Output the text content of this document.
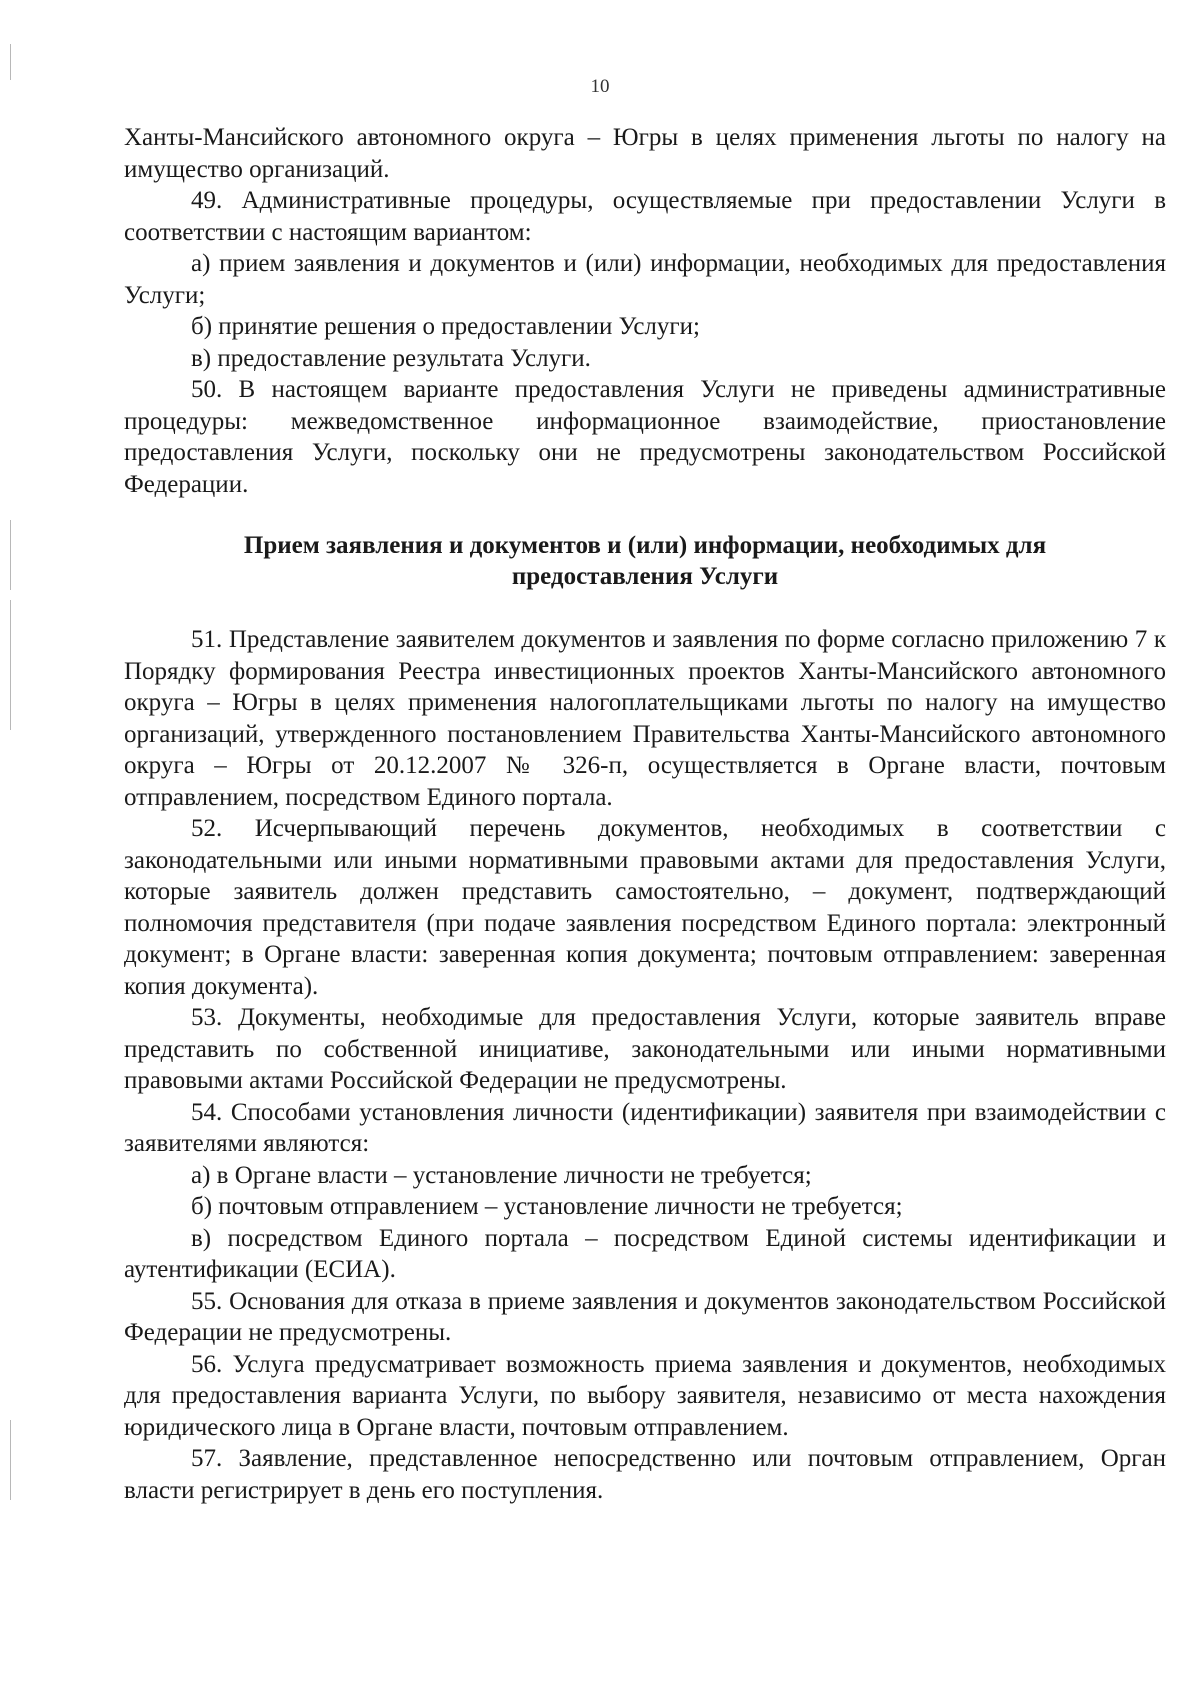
10

Ханты-Мансийского автономного округа – Югры в целях применения льготы по налогу на имущество организаций.

49. Административные процедуры, осуществляемые при предоставлении Услуги в соответствии с настоящим вариантом:

а) прием заявления и документов и (или) информации, необходимых для предоставления Услуги;

б) принятие решения о предоставлении Услуги;

в) предоставление результата Услуги.

50. В настоящем варианте предоставления Услуги не приведены административные процедуры: межведомственное информационное взаимодействие, приостановление предоставления Услуги, поскольку они не предусмотрены законодательством Российской Федерации.

Прием заявления и документов и (или) информации, необходимых для
предоставления Услуги

51. Представление заявителем документов и заявления по форме согласно приложению 7 к Порядку формирования Реестра инвестиционных проектов Ханты-Мансийского автономного округа – Югры в целях применения налогоплательщиками льготы по налогу на имущество организаций, утвержденного постановлением Правительства Ханты-Мансийского автономного округа – Югры от 20.12.2007 № 326-п, осуществляется в Органе власти, почтовым отправлением, посредством Единого портала.

52. Исчерпывающий перечень документов, необходимых в соответствии с законодательными или иными нормативными правовыми актами для предоставления Услуги, которые заявитель должен представить самостоятельно, – документ, подтверждающий полномочия представителя (при подаче заявления посредством Единого портала: электронный документ; в Органе власти: заверенная копия документа; почтовым отправлением: заверенная копия документа).

53. Документы, необходимые для предоставления Услуги, которые заявитель вправе представить по собственной инициативе, законодательными или иными нормативными правовыми актами Российской Федерации не предусмотрены.

54. Способами установления личности (идентификации) заявителя при взаимодействии с заявителями являются:

а) в Органе власти – установление личности не требуется;

б) почтовым отправлением – установление личности не требуется;

в) посредством Единого портала – посредством Единой системы идентификации и аутентификации (ЕСИА).

55. Основания для отказа в приеме заявления и документов законодательством Российской Федерации не предусмотрены.

56. Услуга предусматривает возможность приема заявления и документов, необходимых для предоставления варианта Услуги, по выбору заявителя, независимо от места нахождения юридического лица в Органе власти, почтовым отправлением.

57. Заявление, представленное непосредственно или почтовым отправлением, Орган власти регистрирует в день его поступления.
